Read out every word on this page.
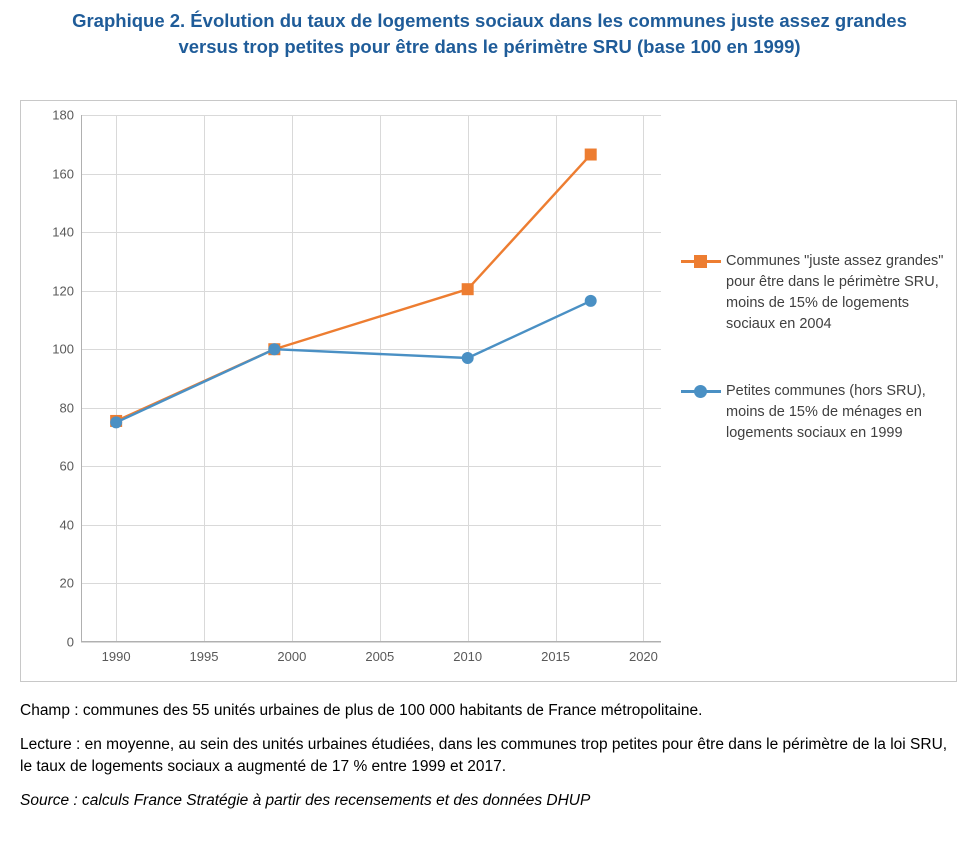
Graphique 2. Évolution du taux de logements sociaux dans les communes juste assez grandes versus trop petites pour être dans le périmètre SRU (base 100 en 1999)
0
20
40
60
80
100
120
140
160
180
1990	1995	2000	2005	2010	2015	2020
Communes "juste assez grandes" pour être dans le périmètre SRU, moins de 15% de logements sociaux en 2004
Petites communes (hors SRU), moins de 15% de ménages en logements sociaux en 1999

Champ : communes des 55 unités urbaines de plus de 100 000 habitants de France métropolitaine.

Lecture : en moyenne, au sein des unités urbaines étudiées, dans les communes trop petites pour être dans le périmètre de la loi SRU, le taux de logements sociaux a augmenté de 17 % entre 1999 et 2017.

Source : calculs France Stratégie à partir des recensements et des données DHUP
